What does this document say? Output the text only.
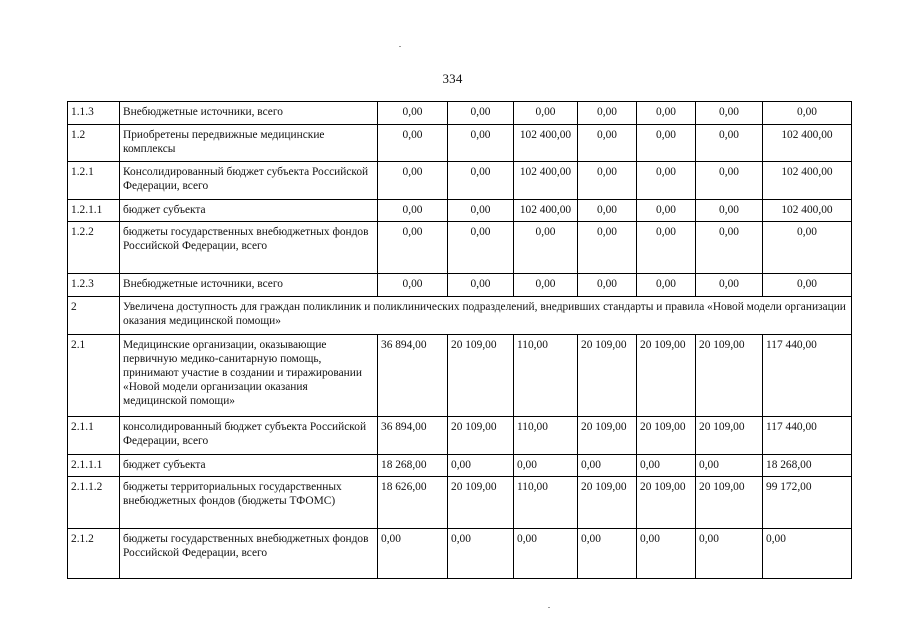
334
1.1.3	Внебюджетные источники, всего	0,00	0,00	0,00	0,00	0,00	0,00	0,00
1.2	Приобретены передвижные медицинские комплексы	0,00	0,00	102 400,00	0,00	0,00	0,00	102 400,00
1.2.1	Консолидированный бюджет субъекта Российской Федерации, всего	0,00	0,00	102 400,00	0,00	0,00	0,00	102 400,00
1.2.1.1	бюджет субъекта	0,00	0,00	102 400,00	0,00	0,00	0,00	102 400,00
1.2.2	бюджеты государственных внебюджетных фондов Российской Федерации, всего	0,00	0,00	0,00	0,00	0,00	0,00	0,00
1.2.3	Внебюджетные источники, всего	0,00	0,00	0,00	0,00	0,00	0,00	0,00
2	Увеличена доступность для граждан поликлиник и поликлинических подразделений, внедривших стандарты и правила «Новой модели организации оказания медицинской помощи»							
2.1	Медицинские организации, оказывающие первичную медико-санитарную помощь, принимают участие в создании и тиражировании «Новой модели организации оказания медицинской помощи»	36 894,00	20 109,00	110,00	20 109,00	20 109,00	20 109,00	117 440,00
2.1.1	консолидированный бюджет субъекта Российской Федерации, всего	36 894,00	20 109,00	110,00	20 109,00	20 109,00	20 109,00	117 440,00
2.1.1.1	бюджет субъекта	18 268,00	0,00	0,00	0,00	0,00	0,00	18 268,00
2.1.1.2	бюджеты территориальных государственных внебюджетных фондов (бюджеты ТФОМС)	18 626,00	20 109,00	110,00	20 109,00	20 109,00	20 109,00	99 172,00
2.1.2	бюджеты государственных внебюджетных фондов Российской Федерации, всего	0,00	0,00	0,00	0,00	0,00	0,00	0,00
